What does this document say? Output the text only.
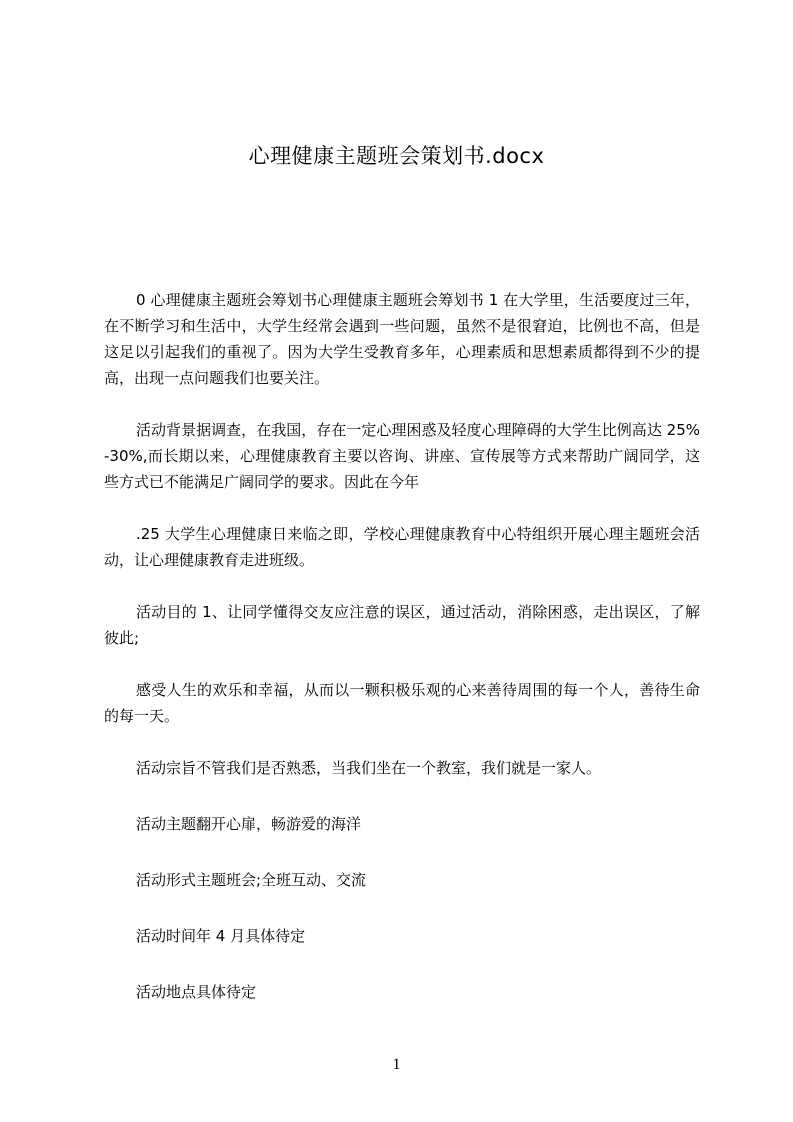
心理健康主题班会策划书.docx

0 心理健康主题班会筹划书心理健康主题班会筹划书 1 在大学里，生活要度过三年，在不断学习和生活中，大学生经常会遇到一些问题，虽然不是很窘迫，比例也不高，但是这足以引起我们的重视了。因为大学生受教育多年，心理素质和思想素质都得到不少的提高，出现一点问题我们也要关注。

活动背景据调查，在我国，存在一定心理困惑及轻度心理障碍的大学生比例高达 25%-30%,而长期以来，心理健康教育主要以咨询、讲座、宣传展等方式来帮助广阔同学，这些方式已不能满足广阔同学的要求。因此在今年

.25 大学生心理健康日来临之即，学校心理健康教育中心特组织开展心理主题班会活动，让心理健康教育走进班级。

活动目的 1、让同学懂得交友应注意的误区，通过活动，消除困惑，走出误区，了解彼此;

感受人生的欢乐和幸福，从而以一颗积极乐观的心来善待周围的每一个人，善待生命的每一天。

活动宗旨不管我们是否熟悉，当我们坐在一个教室，我们就是一家人。

活动主题翻开心扉，畅游爱的海洋

活动形式主题班会;全班互动、交流

活动时间年 4 月具体待定

活动地点具体待定

1
